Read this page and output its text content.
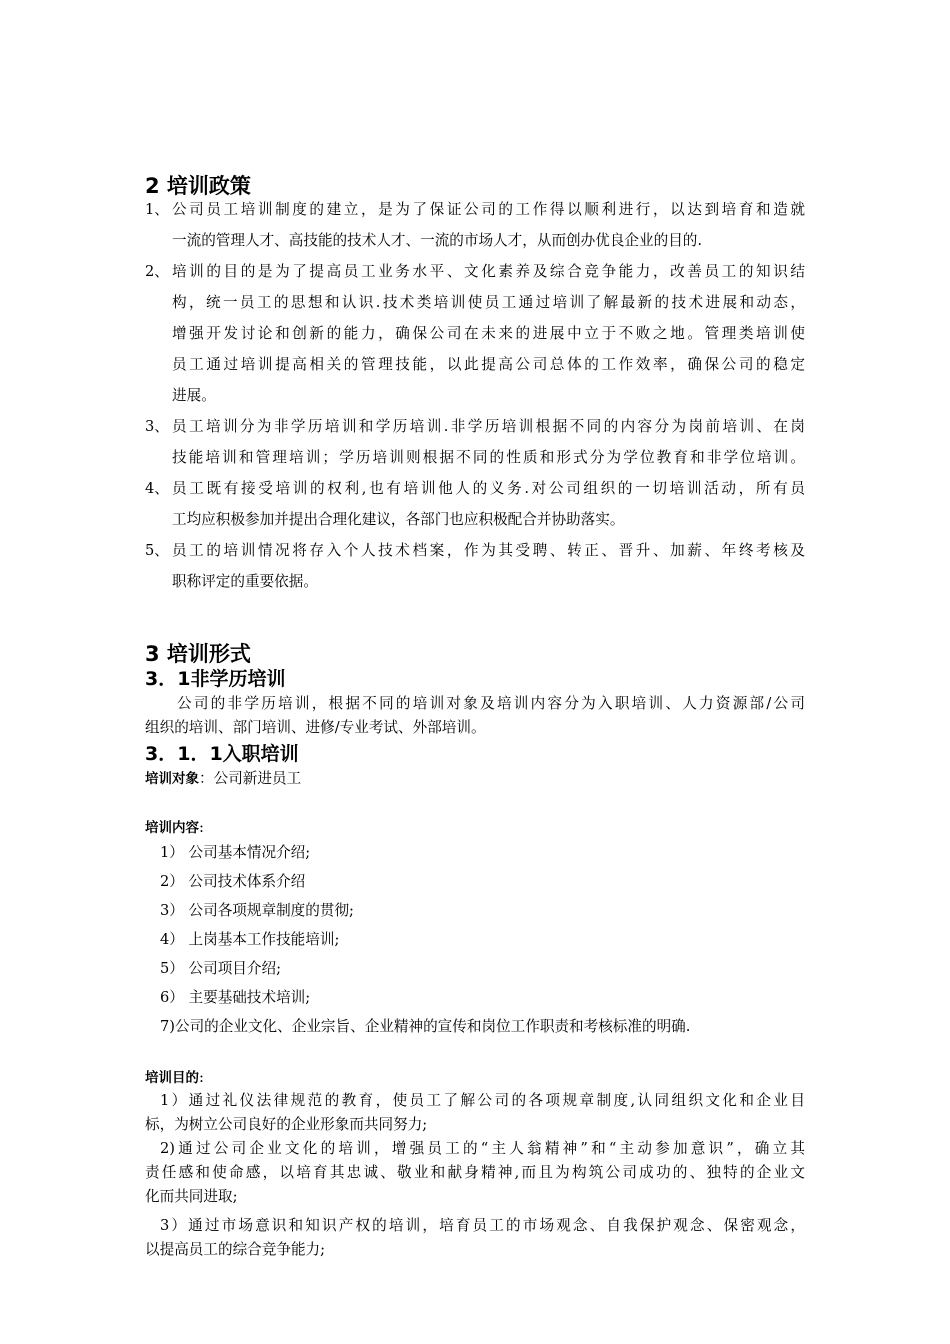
2 培训政策
1、 公司员工培训制度的建立，是为了保证公司的工作得以顺利进行，以达到培育和造就
一流的管理人才、高技能的技术人才、一流的市场人才，从而创办优良企业的目的.
2、 培训的目的是为了提高员工业务水平、文化素养及综合竞争能力，改善员工的知识结
构，统一员工的思想和认识.技术类培训使员工通过培训了解最新的技术进展和动态，
增强开发讨论和创新的能力，确保公司在未来的进展中立于不败之地。管理类培训使
员工通过培训提高相关的管理技能，以此提高公司总体的工作效率，确保公司的稳定
进展。
3、 员工培训分为非学历培训和学历培训.非学历培训根据不同的内容分为岗前培训、在岗
技能培训和管理培训；学历培训则根据不同的性质和形式分为学位教育和非学位培训。
4、 员工既有接受培训的权利,也有培训他人的义务.对公司组织的一切培训活动，所有员
工均应积极参加并提出合理化建议，各部门也应积极配合并协助落实。
5、 员工的培训情况将存入个人技术档案，作为其受聘、转正、晋升、加薪、年终考核及
职称评定的重要依据。
3 培训形式
3．1非学历培训
公司的非学历培训，根据不同的培训对象及培训内容分为入职培训、人力资源部/公司
组织的培训、部门培训、进修/专业考试、外部培训。
3．1．1入职培训
培训对象：公司新进员工
培训内容:
1） 公司基本情况介绍;
2） 公司技术体系介绍
3） 公司各项规章制度的贯彻;
4） 上岗基本工作技能培训;
5） 公司项目介绍;
6） 主要基础技术培训;
7)公司的企业文化、企业宗旨、企业精神的宣传和岗位工作职责和考核标准的明确.
培训目的:
1）通过礼仪法律规范的教育，使员工了解公司的各项规章制度,认同组织文化和企业目
标，为树立公司良好的企业形象而共同努力;
2)通过公司企业文化的培训，增强员工的“主人翁精神”和“主动参加意识”，确立其
责任感和使命感，以培育其忠诚、敬业和献身精神,而且为构筑公司成功的、独特的企业文
化而共同进取;
3）通过市场意识和知识产权的培训，培育员工的市场观念、自我保护观念、保密观念，
以提高员工的综合竞争能力;
